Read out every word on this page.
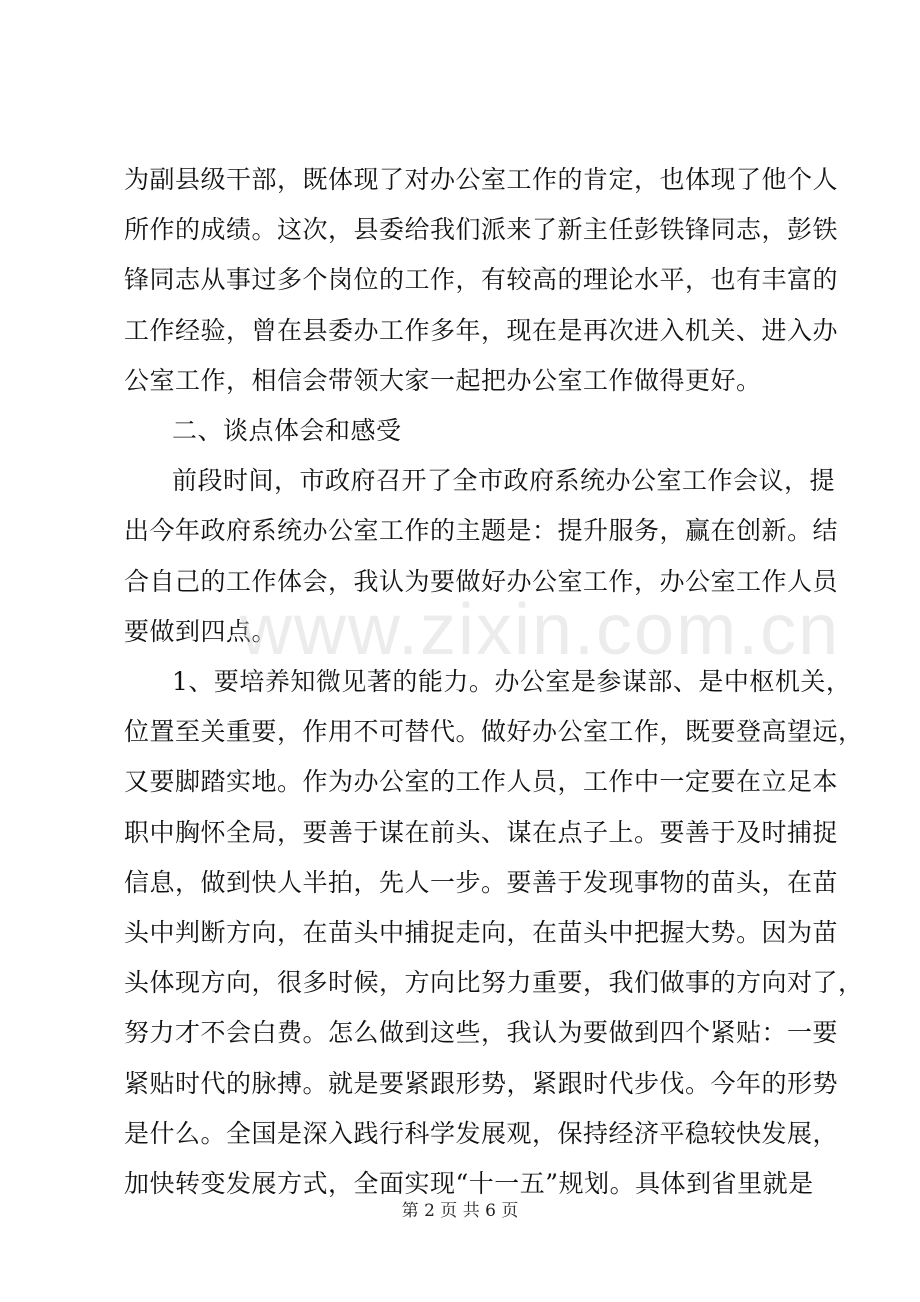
为副县级干部，既体现了对办公室工作的肯定，也体现了他个人
所作的成绩。这次，县委给我们派来了新主任彭铁锋同志，彭铁
锋同志从事过多个岗位的工作，有较高的理论水平，也有丰富的
工作经验，曾在县委办工作多年，现在是再次进入机关、进入办
公室工作，相信会带领大家一起把办公室工作做得更好。
二、谈点体会和感受
前段时间，市政府召开了全市政府系统办公室工作会议，提
出今年政府系统办公室工作的主题是：提升服务，赢在创新。结
合自己的工作体会，我认为要做好办公室工作，办公室工作人员
要做到四点。
1、要培养知微见著的能力。办公室是参谋部、是中枢机关，
位置至关重要，作用不可替代。做好办公室工作，既要登高望远，
又要脚踏实地。作为办公室的工作人员，工作中一定要在立足本
职中胸怀全局，要善于谋在前头、谋在点子上。要善于及时捕捉
信息，做到快人半拍，先人一步。要善于发现事物的苗头，在苗
头中判断方向，在苗头中捕捉走向，在苗头中把握大势。因为苗
头体现方向，很多时候，方向比努力重要，我们做事的方向对了，
努力才不会白费。怎么做到这些，我认为要做到四个紧贴：一要
www.zixin.com.cn
第 2 页 共 6 页
紧贴时代的脉搏。就是要紧跟形势，紧跟时代步伐。今年的形势
是什么。全国是深入践行科学发展观，保持经济平稳较快发展，
加快转变发展方式，全面实现“十一五”规划。具体到省里就是
